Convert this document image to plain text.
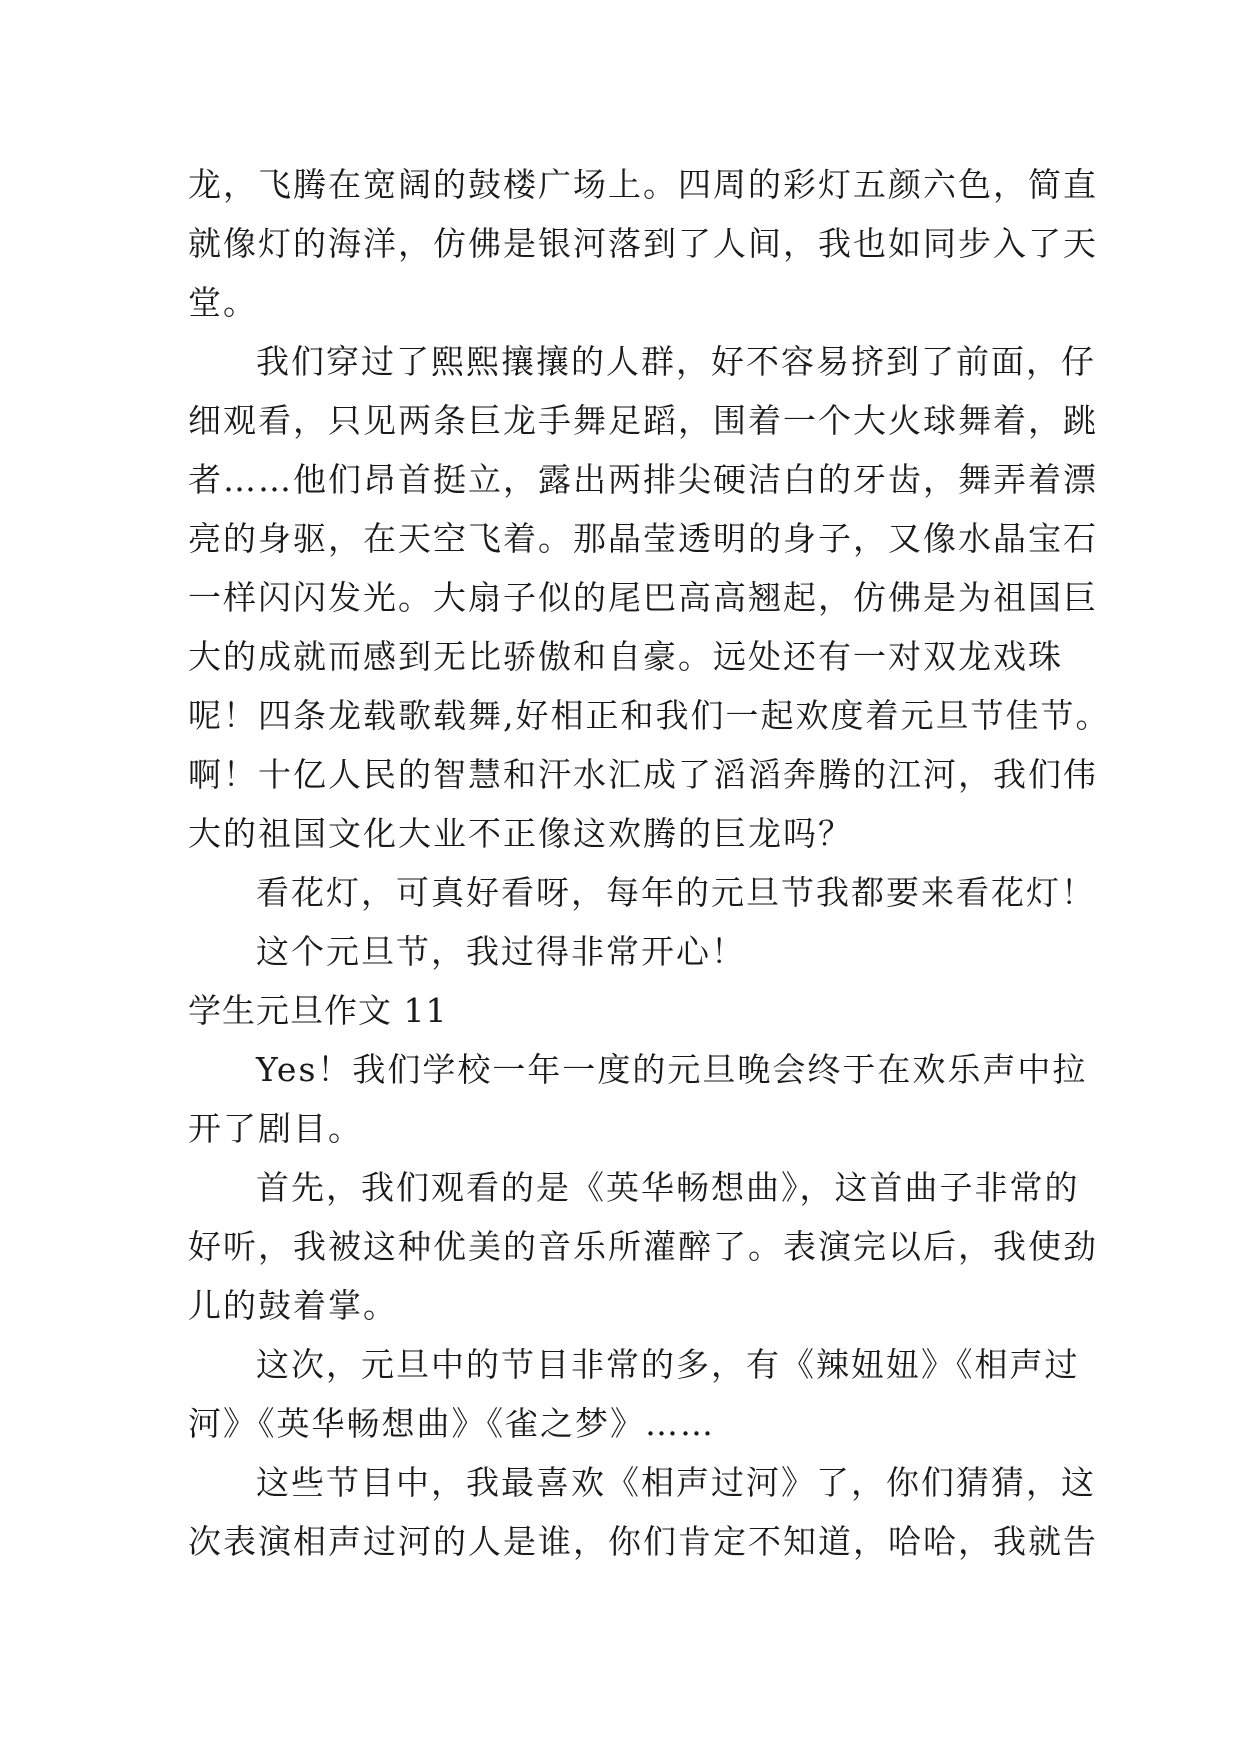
龙，飞腾在宽阔的鼓楼广场上。四周的彩灯五颜六色，简直
就像灯的海洋，仿佛是银河落到了人间，我也如同步入了天
堂。
我们穿过了熙熙攘攘的人群，好不容易挤到了前面，仔
细观看，只见两条巨龙手舞足蹈，围着一个大火球舞着，跳
者……他们昂首挺立，露出两排尖硬洁白的牙齿，舞弄着漂
亮的身驱，在天空飞着。那晶莹透明的身子，又像水晶宝石
一样闪闪发光。大扇子似的尾巴高高翘起，仿佛是为祖国巨
大的成就而感到无比骄傲和自豪。远处还有一对双龙戏珠
呢！四条龙载歌载舞,好相正和我们一起欢度着元旦节佳节。
啊！十亿人民的智慧和汗水汇成了滔滔奔腾的江河，我们伟
大的祖国文化大业不正像这欢腾的巨龙吗？
看花灯，可真好看呀，每年的元旦节我都要来看花灯！
这个元旦节，我过得非常开心！
学生元旦作文 11
Yes！我们学校一年一度的元旦晚会终于在欢乐声中拉
开了剧目。
首先，我们观看的是《英华畅想曲》，这首曲子非常的
好听，我被这种优美的音乐所灌醉了。表演完以后，我使劲
儿的鼓着掌。
这次，元旦中的节目非常的多，有《辣妞妞》《相声过
河》《英华畅想曲》《雀之梦》……
这些节目中，我最喜欢《相声过河》了，你们猜猜，这
次表演相声过河的人是谁，你们肯定不知道，哈哈，我就告
